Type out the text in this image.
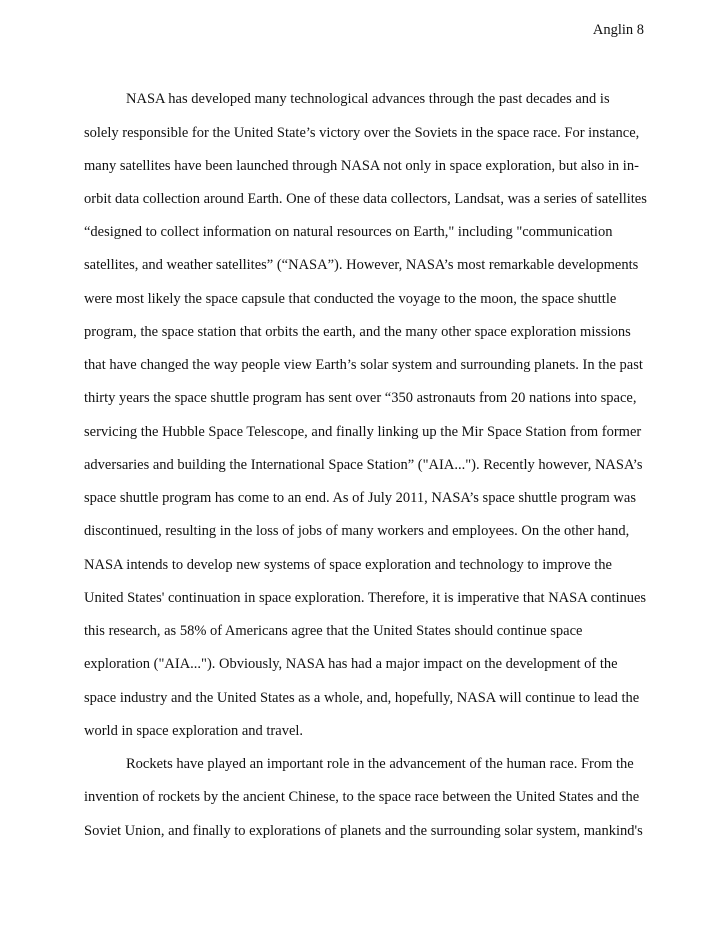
Anglin 8
NASA has developed many technological advances through the past decades and is
solely responsible for the United State’s victory over the Soviets in the space race. For instance,
many satellites have been launched through NASA not only in space exploration, but also in in-
orbit data collection around Earth. One of these data collectors, Landsat, was a series of satellites
“designed to collect information on natural resources on Earth," including "communication
satellites, and weather satellites” (“NASA”). However, NASA’s most remarkable developments
were most likely the space capsule that conducted the voyage to the moon, the space shuttle
program, the space station that orbits the earth, and the many other space exploration missions
that have changed the way people view Earth’s solar system and surrounding planets. In the past
thirty years the space shuttle program has sent over “350 astronauts from 20 nations into space,
servicing the Hubble Space Telescope, and finally linking up the Mir Space Station from former
adversaries and building the International Space Station” ("AIA..."). Recently however, NASA’s
space shuttle program has come to an end. As of July 2011, NASA’s space shuttle program was
discontinued, resulting in the loss of jobs of many workers and employees. On the other hand,
NASA intends to develop new systems of space exploration and technology to improve the
United States' continuation in space exploration. Therefore, it is imperative that NASA continues
this research, as 58% of Americans agree that the United States should continue space
exploration ("AIA..."). Obviously, NASA has had a major impact on the development of the
space industry and the United States as a whole, and, hopefully, NASA will continue to lead the
world in space exploration and travel.
Rockets have played an important role in the advancement of the human race. From the
invention of rockets by the ancient Chinese, to the space race between the United States and the
Soviet Union, and finally to explorations of planets and the surrounding solar system, mankind's
